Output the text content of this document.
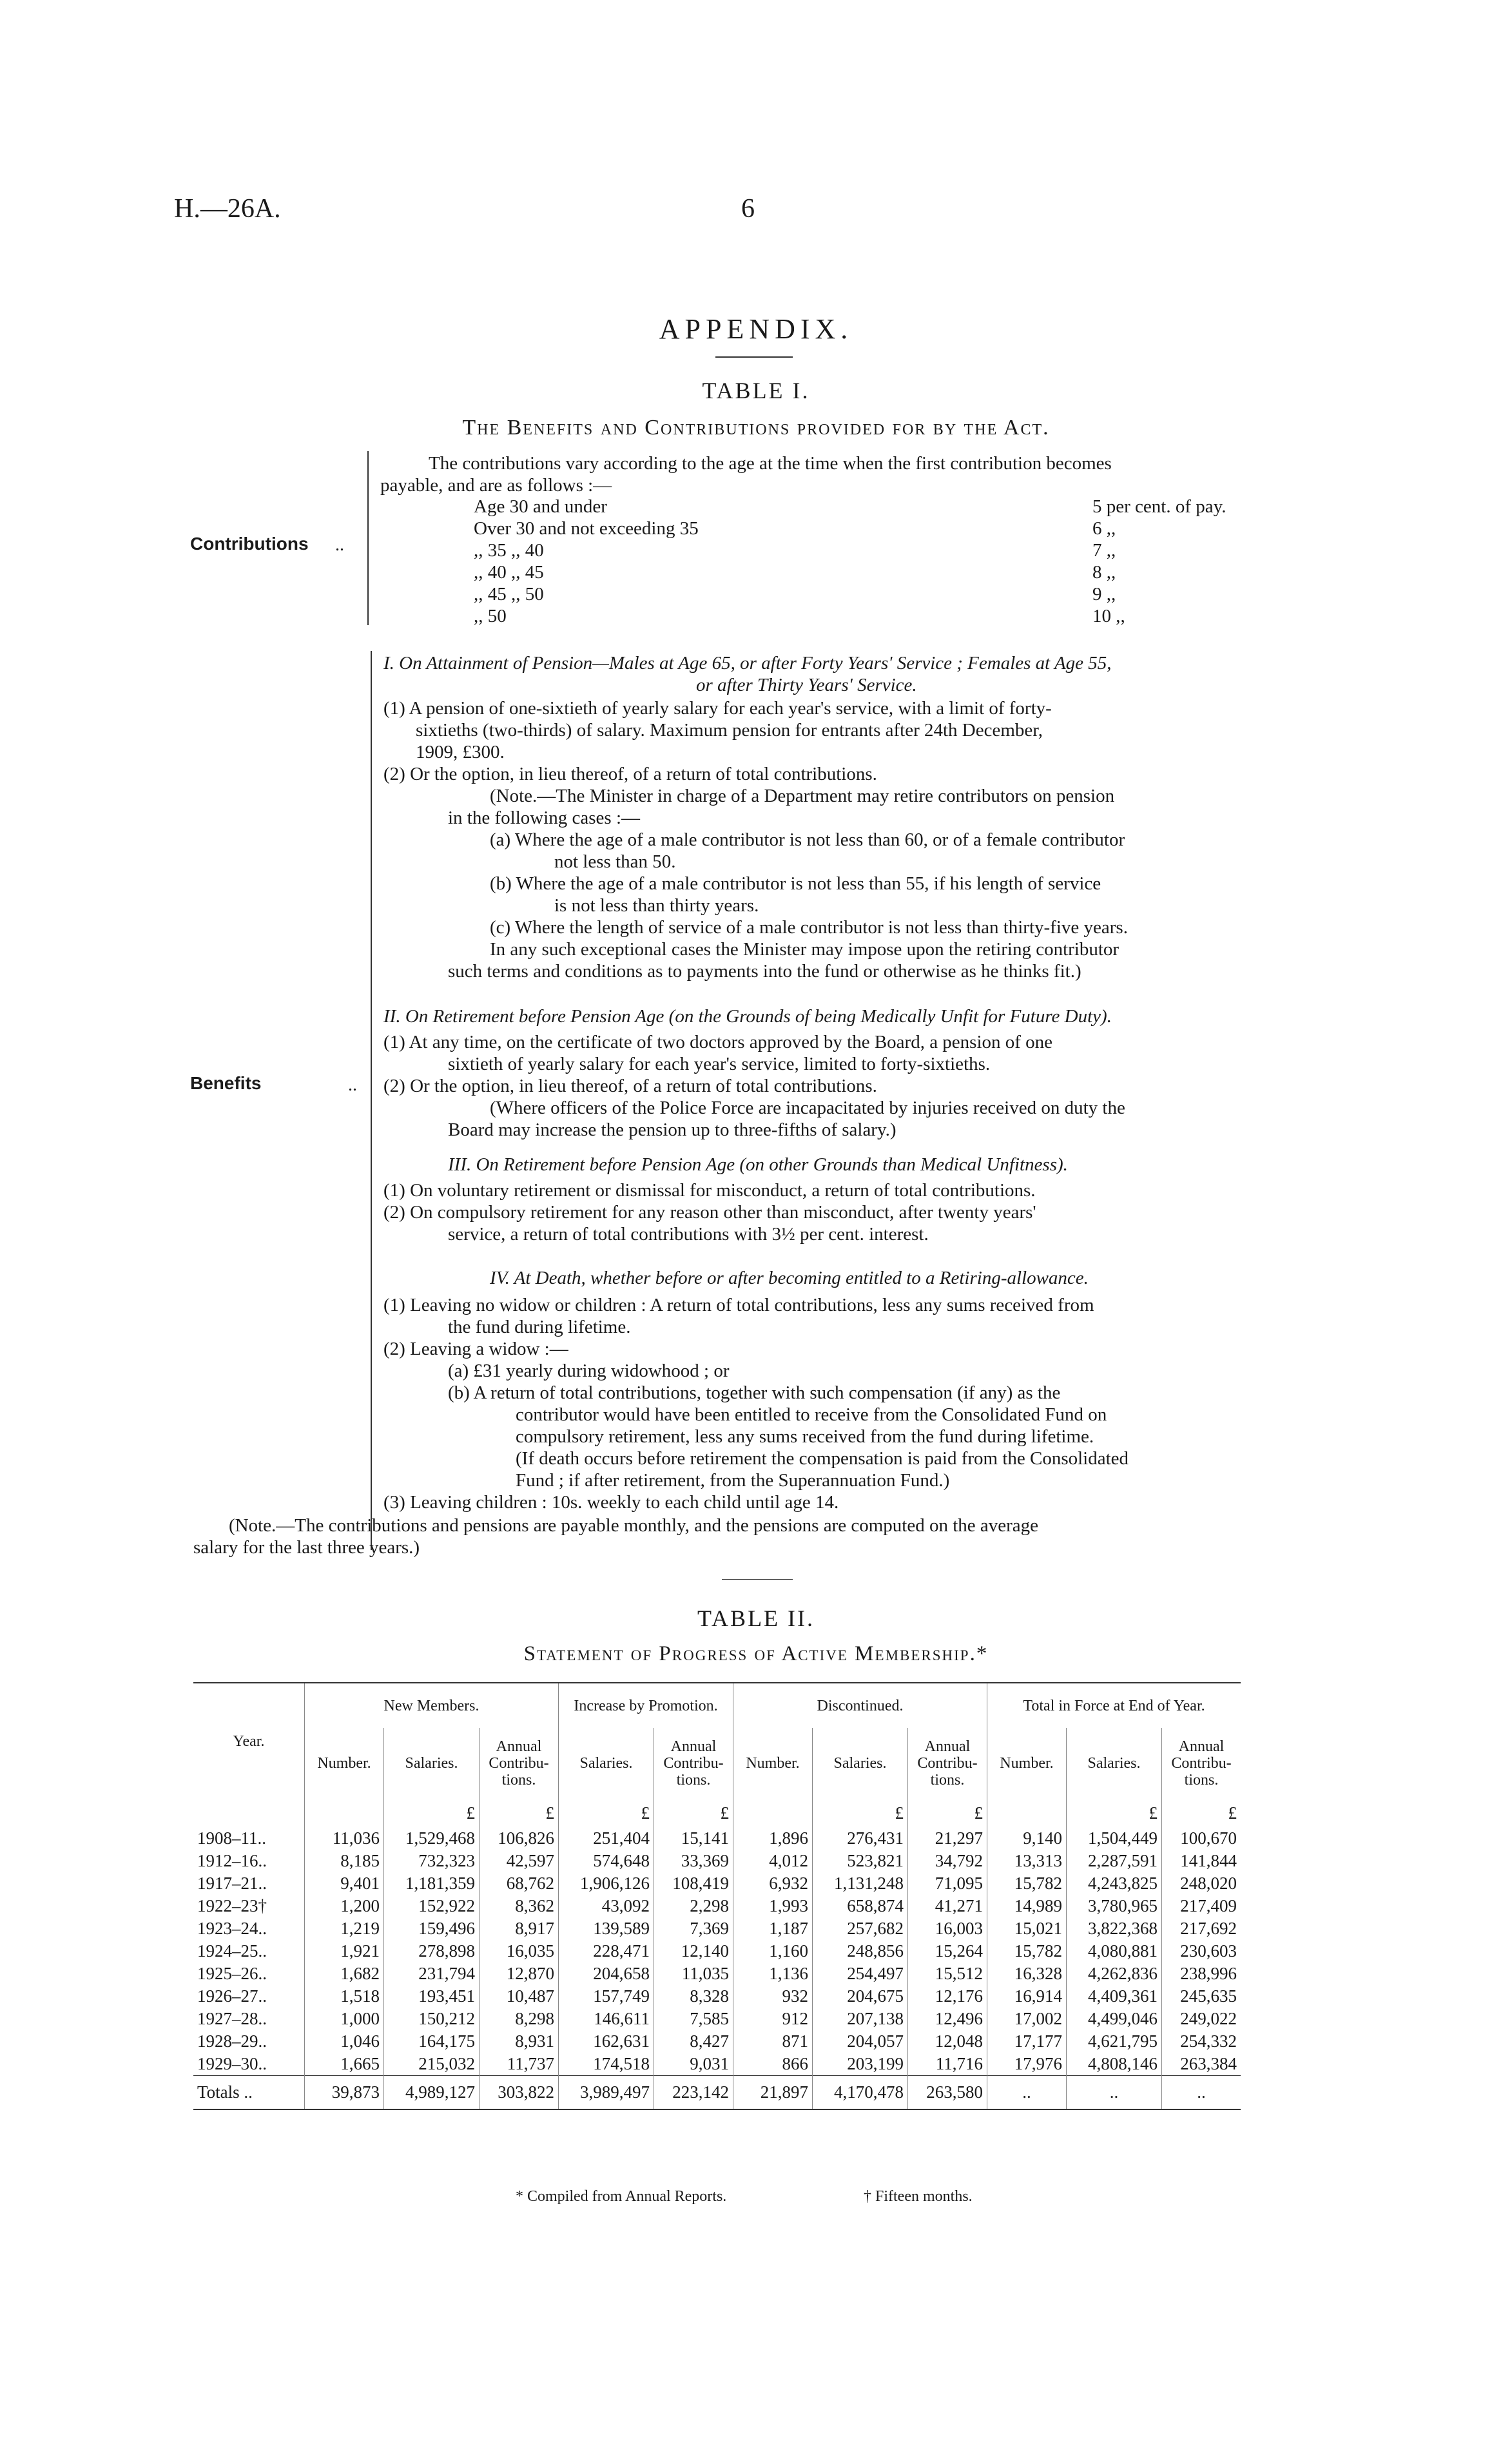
H.—26A.	6
APPENDIX.
TABLE I.
The Benefits and Contributions provided for by the Act.
Contributions ..
The contributions vary according to the age at the time when the first contribution becomes
payable, and are as follows :—
Age 30 and under	5 per cent. of pay.
Over 30 and not exceeding 35	6 ,,
,, 35 ,, 40	7 ,,
,, 40 ,, 45	8 ,,
,, 45 ,, 50	9 ,,
,, 50	10 ,,
Benefits	..
I. On Attainment of Pension—Males at Age 65, or after Forty Years' Service ; Females at Age 55,
or after Thirty Years' Service.
(1) A pension of one-sixtieth of yearly salary for each year's service, with a limit of forty-
sixtieths (two-thirds) of salary. Maximum pension for entrants after 24th December,
1909, £300.
(2) Or the option, in lieu thereof, of a return of total contributions.
(Note.—The Minister in charge of a Department may retire contributors on pension
in the following cases :—
(a) Where the age of a male contributor is not less than 60, or of a female contributor
not less than 50.
(b) Where the age of a male contributor is not less than 55, if his length of service
is not less than thirty years.
(c) Where the length of service of a male contributor is not less than thirty-five years.
In any such exceptional cases the Minister may impose upon the retiring contributor
such terms and conditions as to payments into the fund or otherwise as he thinks fit.)
II. On Retirement before Pension Age (on the Grounds of being Medically Unfit for Future Duty).
(1) At any time, on the certificate of two doctors approved by the Board, a pension of one
sixtieth of yearly salary for each year's service, limited to forty-sixtieths.
(2) Or the option, in lieu thereof, of a return of total contributions.
(Where officers of the Police Force are incapacitated by injuries received on duty the
Board may increase the pension up to three-fifths of salary.)
III. On Retirement before Pension Age (on other Grounds than Medical Unfitness).
(1) On voluntary retirement or dismissal for misconduct, a return of total contributions.
(2) On compulsory retirement for any reason other than misconduct, after twenty years'
service, a return of total contributions with 3½ per cent. interest.
IV. At Death, whether before or after becoming entitled to a Retiring-allowance.
(1) Leaving no widow or children : A return of total contributions, less any sums received from
the fund during lifetime.
(2) Leaving a widow :—
(a) £31 yearly during widowhood ; or
(b) A return of total contributions, together with such compensation (if any) as the
contributor would have been entitled to receive from the Consolidated Fund on
compulsory retirement, less any sums received from the fund during lifetime.
(If death occurs before retirement the compensation is paid from the Consolidated
Fund ; if after retirement, from the Superannuation Fund.)
(3) Leaving children : 10s. weekly to each child until age 14.
(Note.—The contributions and pensions are payable monthly, and the pensions are computed on the average
salary for the last three years.)
TABLE II.
Statement of Progress of Active Membership.*
Year.	New Members.			Increase by Promotion.		Discontinued.			Total in Force at End of Year.		
	Number.	Salaries.	Annual Contribu-tions.	Salaries.	Annual Contribu-tions.	Number.	Salaries.	Annual Contribu-tions.	Number.	Salaries.	Annual Contribu-tions.
		£	£	£	£		£	£		£	£
1908–11..	11,036	1,529,468	106,826	251,404	15,141	1,896	276,431	21,297	9,140	1,504,449	100,670
1912–16..	8,185	732,323	42,597	574,648	33,369	4,012	523,821	34,792	13,313	2,287,591	141,844
1917–21..	9,401	1,181,359	68,762	1,906,126	108,419	6,932	1,131,248	71,095	15,782	4,243,825	248,020
1922–23†	1,200	152,922	8,362	43,092	2,298	1,993	658,874	41,271	14,989	3,780,965	217,409
1923–24..	1,219	159,496	8,917	139,589	7,369	1,187	257,682	16,003	15,021	3,822,368	217,692
1924–25..	1,921	278,898	16,035	228,471	12,140	1,160	248,856	15,264	15,782	4,080,881	230,603
1925–26..	1,682	231,794	12,870	204,658	11,035	1,136	254,497	15,512	16,328	4,262,836	238,996
1926–27..	1,518	193,451	10,487	157,749	8,328	932	204,675	12,176	16,914	4,409,361	245,635
1927–28..	1,000	150,212	8,298	146,611	7,585	912	207,138	12,496	17,002	4,499,046	249,022
1928–29..	1,046	164,175	8,931	162,631	8,427	871	204,057	12,048	17,177	4,621,795	254,332
1929–30..	1,665	215,032	11,737	174,518	9,031	866	203,199	11,716	17,976	4,808,146	263,384
Totals ..	39,873	4,989,127	303,822	3,989,497	223,142	21,897	4,170,478	263,580	..	..	..
* Compiled from Annual Reports.	† Fifteen months.
